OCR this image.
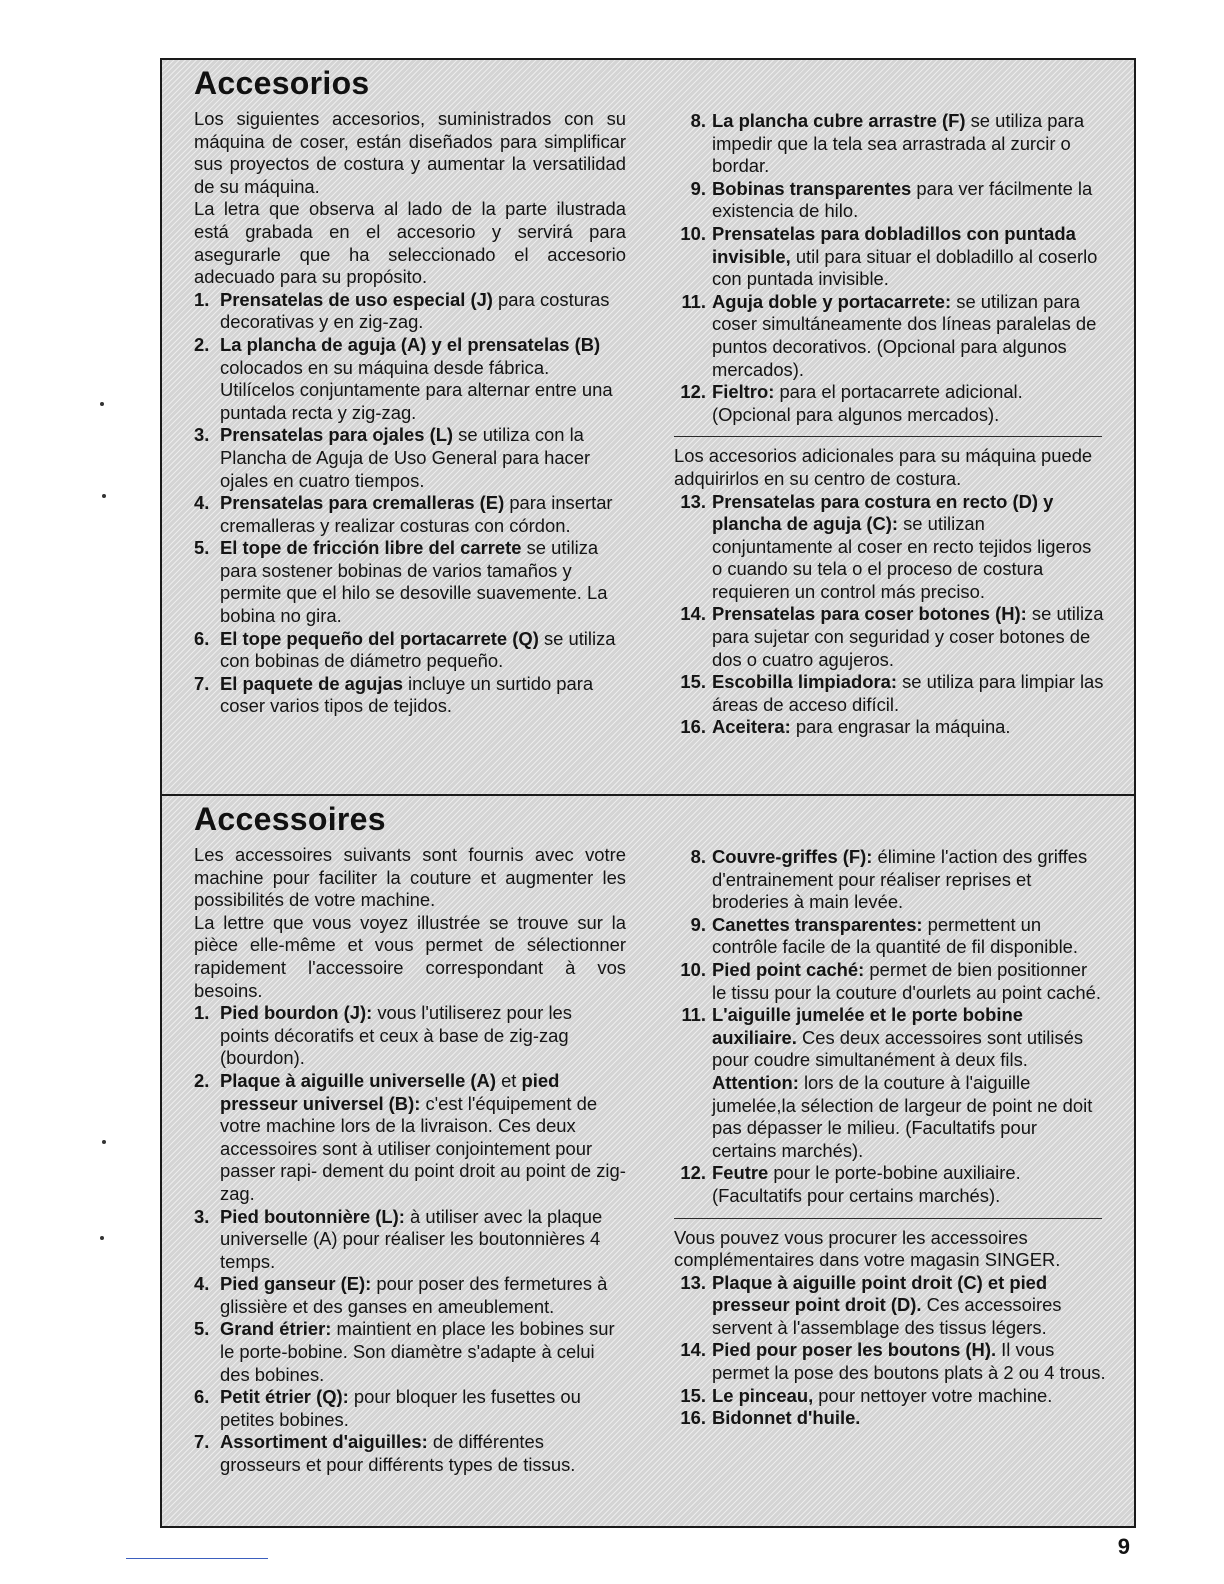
Accesorios

Los siguientes accesorios, suministrados con su máquina de coser, están diseñados para simplificar sus proyectos de costura y aumentar la versatilidad de su máquina.

La letra que observa al lado de la parte ilustrada está grabada en el accesorio y servirá para asegurarle que ha seleccionado el accesorio adecuado para su propósito.

1. Prensatelas de uso especial (J) para costuras decorativas y en zig-zag.
2. La plancha de aguja (A) y el prensatelas (B) colocados en su máquina desde fábrica. Utilícelos conjuntamente para alternar entre una puntada recta y zig-zag.
3. Prensatelas para ojales (L) se utiliza con la Plancha de Aguja de Uso General para hacer ojales en cuatro tiempos.
4. Prensatelas para cremalleras (E) para insertar cremalleras y realizar costuras con córdon.
5. El tope de fricción libre del carrete se utiliza para sostener bobinas de varios tamaños y permite que el hilo se desoville suavemente. La bobina no gira.
6. El tope pequeño del portacarrete (Q) se utiliza con bobinas de diámetro pequeño.
7. El paquete de agujas incluye un surtido para coser varios tipos de tejidos.
8. La plancha cubre arrastre (F) se utiliza para impedir que la tela sea arrastrada al zurcir o bordar.
9. Bobinas transparentes para ver fácilmente la existencia de hilo.
10. Prensatelas para dobladillos con puntada invisible, util para situar el dobladillo al coserlo con puntada invisible.
11. Aguja doble y portacarrete: se utilizan para coser simultáneamente dos líneas paralelas de puntos decorativos. (Opcional para algunos mercados).
12. Fieltro: para el portacarrete adicional. (Opcional para algunos mercados).

Los accesorios adicionales para su máquina puede adquirirlos en su centro de costura.

13. Prensatelas para costura en recto (D) y plancha de aguja (C): se utilizan conjuntamente al coser en recto tejidos ligeros o cuando su tela o el proceso de costura requieren un control más preciso.
14. Prensatelas para coser botones (H): se utiliza para sujetar con seguridad y coser botones de dos o cuatro agujeros.
15. Escobilla limpiadora: se utiliza para limpiar las áreas de acceso difícil.
16. Aceitera: para engrasar la máquina.
Accessoires

Les accessoires suivants sont fournis avec votre machine pour faciliter la couture et augmenter les possibilités de votre machine.

La lettre que vous voyez illustrée se trouve sur la pièce elle-même et vous permet de sélectionner rapidement l'accessoire correspondant à vos besoins.

1. Pied bourdon (J): vous l'utiliserez pour les points décoratifs et ceux à base de zig-zag (bourdon).
2. Plaque à aiguille universelle (A) et pied presseur universel (B): c'est l'équipement de votre machine lors de la livraison. Ces deux accessoires sont à utiliser conjointement pour passer rapi- dement du point droit au point de zig-zag.
3. Pied boutonnière (L): à utiliser avec la plaque universelle (A) pour réaliser les boutonnières 4 temps.
4. Pied ganseur (E): pour poser des fermetures à glissière et des ganses en ameublement.
5. Grand étrier: maintient en place les bobines sur le porte-bobine. Son diamètre s'adapte à celui des bobines.
6. Petit étrier (Q): pour bloquer les fusettes ou petites bobines.
7. Assortiment d'aiguilles: de différentes grosseurs et pour différents types de tissus.
8. Couvre-griffes (F): élimine l'action des griffes d'entrainement pour réaliser reprises et broderies à main levée.
9. Canettes transparentes: permettent un contrôle facile de la quantité de fil disponible.
10. Pied point caché: permet de bien positionner le tissu pour la couture d'ourlets au point caché.
11. L'aiguille jumelée et le porte bobine auxiliaire. Ces deux accessoires sont utilisés pour coudre simultanément à deux fils. Attention: lors de la couture à l'aiguille jumelée,la sélection de largeur de point ne doit pas dépasser le milieu. (Facultatifs pour certains marchés).
12. Feutre pour le porte-bobine auxiliaire. (Facultatifs pour certains marchés).

Vous pouvez vous procurer les accessoires complémentaires dans votre magasin SINGER.

13. Plaque à aiguille point droit (C) et pied presseur point droit (D). Ces accessoires servent à l'assemblage des tissus légers.
14. Pied pour poser les boutons (H). Il vous permet la pose des boutons plats à 2 ou 4 trous.
15. Le pinceau, pour nettoyer votre machine.
16. Bidonnet d'huile.
9
